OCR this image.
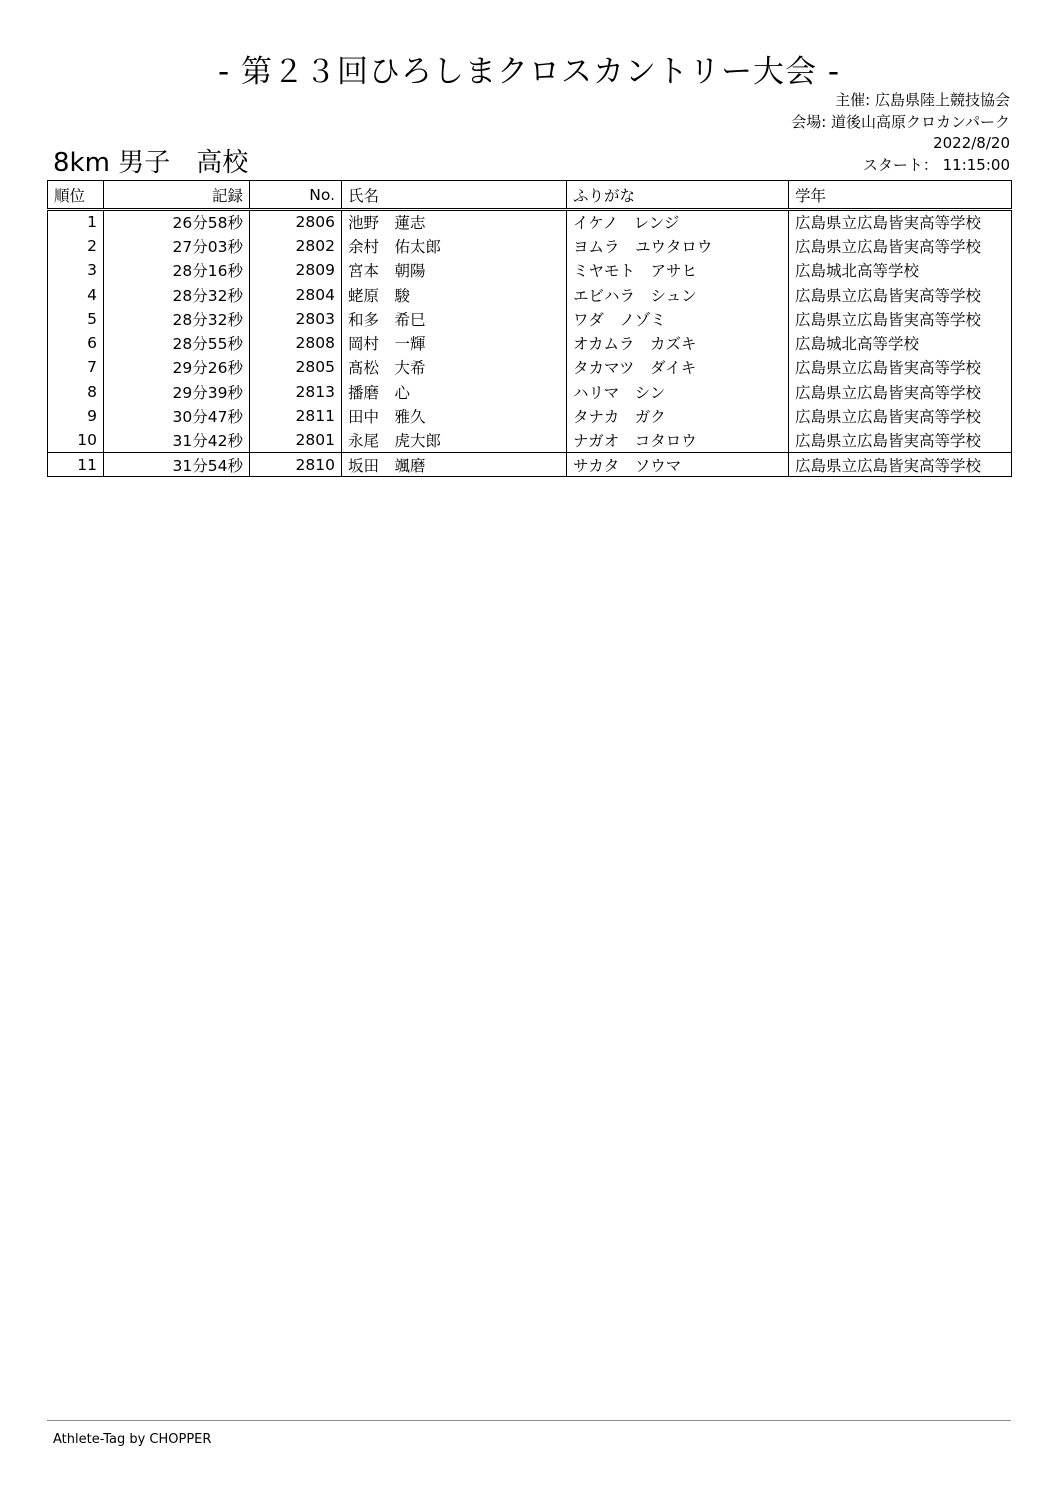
- 第２３回ひろしまクロスカントリー大会 -
主催: 広島県陸上競技協会
会場: 道後山高原クロカンパーク
2022/8/20
スタート： 11:15:00
8km 男子　高校
順位	記録	No.	氏名	ふりがな	学年
1	26分58秒	2806	池野　蓮志	イケノ　レンジ	広島県立広島皆実高等学校
2	27分03秒	2802	余村　佑太郎	ヨムラ　ユウタロウ	広島県立広島皆実高等学校
3	28分16秒	2809	宮本　朝陽	ミヤモト　アサヒ	広島城北高等学校
4	28分32秒	2804	蛯原　駿	エビハラ　シュン	広島県立広島皆実高等学校
5	28分32秒	2803	和多　希巳	ワダ　ノゾミ	広島県立広島皆実高等学校
6	28分55秒	2808	岡村　一輝	オカムラ　カズキ	広島城北高等学校
7	29分26秒	2805	髙松　大希	タカマツ　ダイキ	広島県立広島皆実高等学校
8	29分39秒	2813	播磨　心	ハリマ　シン	広島県立広島皆実高等学校
9	30分47秒	2811	田中　雅久	タナカ　ガク	広島県立広島皆実高等学校
10	31分42秒	2801	永尾　虎大郎	ナガオ　コタロウ	広島県立広島皆実高等学校
11	31分54秒	2810	坂田　颯磨	サカタ　ソウマ	広島県立広島皆実高等学校
Athlete-Tag by CHOPPER
